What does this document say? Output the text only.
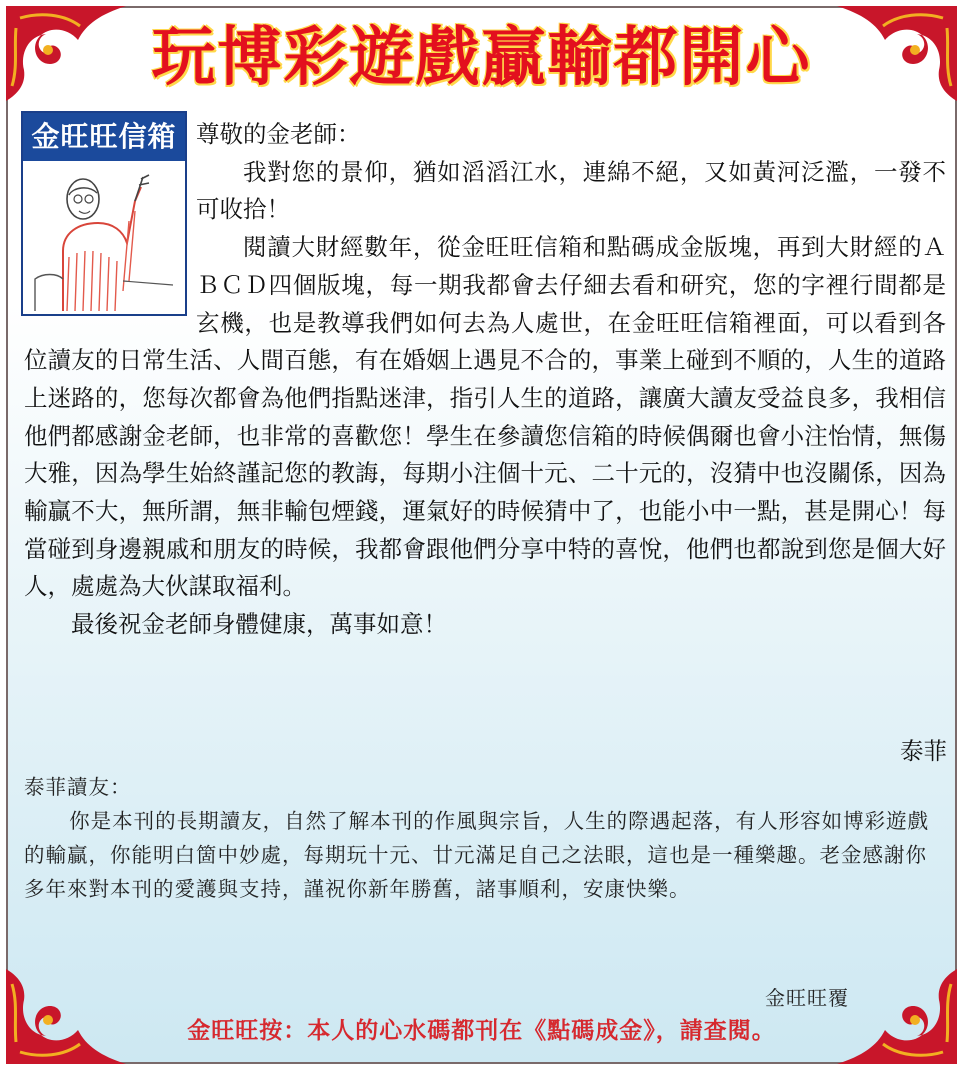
玩博彩遊戲贏輸都開心
金旺旺信箱 尊敬的金老師：

我對您的景仰，猶如滔滔江水，連綿不絕，又如黃河泛濫，一發不可收拾！

閱讀大財經數年，從金旺旺信箱和點碼成金版塊，再到大財經的ＡＢＣＤ四個版塊，每一期我都會去仔細去看和研究，您的字裡行間都是玄機，也是教導我們如何去為人處世，在金旺旺信箱裡面，可以看到各位讀友的日常生活、人間百態，有在婚姻上遇見不合的，事業上碰到不順的，人生的道路上迷路的，您每次都會為他們指點迷津，指引人生的道路，讓廣大讀友受益良多，我相信他們都感謝金老師，也非常的喜歡您！學生在參讀您信箱的時候偶爾也會小注怡情，無傷大雅，因為學生始終謹記您的教誨，每期小注個十元、二十元的，沒猜中也沒關係，因為輸贏不大，無所謂，無非輸包煙錢，運氣好的時候猜中了，也能小中一點，甚是開心！每當碰到身邊親戚和朋友的時候，我都會跟他們分享中特的喜悅，他們也都說到您是個大好人，處處為大伙謀取福利。

最後祝金老師身體健康，萬事如意！

泰菲

泰菲讀友：

你是本刊的長期讀友，自然了解本刊的作風與宗旨，人生的際遇起落，有人形容如博彩遊戲的輸贏，你能明白箇中妙處，每期玩十元、廿元滿足自己之法眼，這也是一種樂趣。老金感謝你多年來對本刊的愛護與支持，謹祝你新年勝舊，諸事順利，安康快樂。

金旺旺覆
金旺旺按：本人的心水碼都刊在《點碼成金》，請查閱。
